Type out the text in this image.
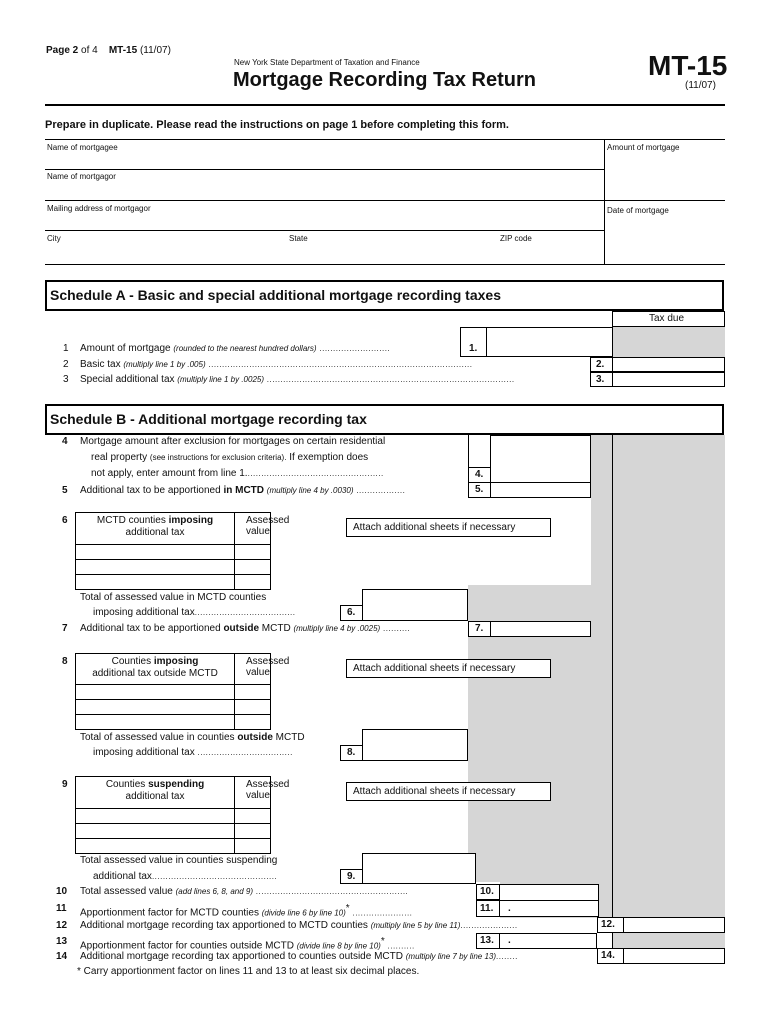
Page 2 of 4 MT-15 (11/07)
New York State Department of Taxation and Finance
Mortgage Recording Tax Return	MT-15
(11/07)
Prepare in duplicate. Please read the instructions on page 1 before completing this form.
Name of mortgagee	Amount of mortgage
Name of mortgagor
Mailing address of mortgagor	Date of mortgage
City	State	ZIP code
Schedule A - Basic and special additional mortgage recording taxes
Tax due
1 Amount of mortgage (rounded to the nearest hundred dollars) ..........................	1.
2 Basic tax (multiply line 1 by .005) .................................................................................................	2.
3 Special additional tax (multiply line 1 by .0025) ...........................................................................................	3.
Schedule B - Additional mortgage recording tax
4 Mortgage amount after exclusion for mortgages on certain residential
real property (see instructions for exclusion criteria). If exemption does
not apply, enter amount from line 1...................................................	4.
5 Additional tax to be apportioned in MCTD (multiply line 4 by .0030) ..................	5.
6	MCTD counties imposing
additional tax
Assessed value	Attach additional sheets if necessary
Total of assessed value in MCTD counties
imposing additional tax.....................................	6.
7 Additional tax to be apportioned outside MCTD (multiply line 4 by .0025) ..........	7.
8	Counties imposing
additional tax outside MCTD
Assessed value	Attach additional sheets if necessary
Total of assessed value in counties outside MCTD
imposing additional tax ...................................	8.
9	Counties suspending
additional tax
Assessed value	Attach additional sheets if necessary
Total assessed value in counties suspending
additional tax..............................................	9.
10 Total assessed value (add lines 6, 8, and 9) ........................................................	10.
11 Apportionment factor for MCTD counties (divide line 6 by line 10)* ......................	11. .
12 Additional mortgage recording tax apportioned to MCTD counties (multiply line 5 by line 11).....................	12.
13 Apportionment factor for counties outside MCTD (divide line 8 by line 10)* ..........	13. .
14 Additional mortgage recording tax apportioned to counties outside MCTD (multiply line 7 by line 13)........	14.
* Carry apportionment factor on lines 11 and 13 to at least six decimal places.
